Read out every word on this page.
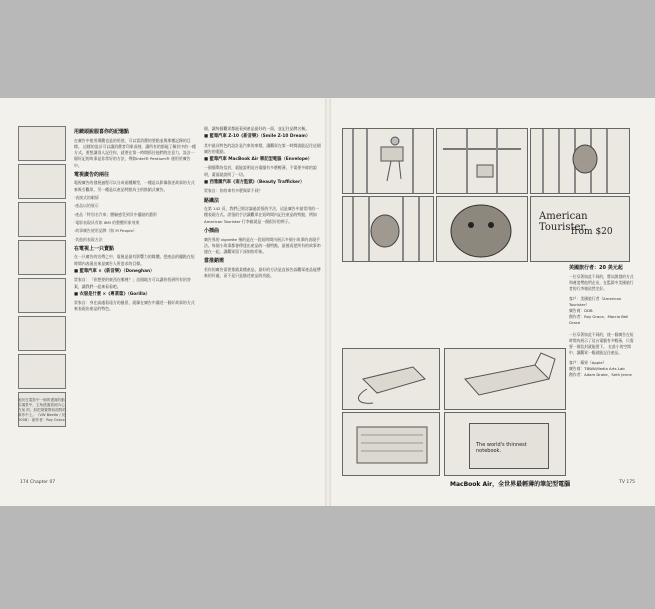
她於在電影中一個的畫面的動名場景中，主角透過看到內心在前 的，如把視覺帶前面對的 事作中上。（VW Beetle / 於2008） 創作者：Roy Grace
用鏡頭說服喜你的記憶點

在廣告中使用場觀也是的用途，可以當消費的要點並與那種記錄的目標。 這樣的設計可以讓消費者印象深刻，讓所有的都能了解其中的一種方式。要想讓別人記住你，就要在第一時間抓住他們的注意力，設計一個好記的故事是非常好的方法，例如Intel® Pentium® 運用於廣告中。

電視廣告的兩往

電視廣告的發展過程可以分成兩種類型，一種是以影像敘述故事的方式來吸引觀眾，另一種是以產品特點為主的推銷式廣告。

‧表演式的劇情

‧產品以的展示

‧產品「特別名汽車」體驗感受到其中優點的藝術

‧電影表現具有如 IBM 的整體形象效果

‧故事廣告使用品牌（如 M People）

‧其他的表現方法

在電視上一只賣點

在一只廣告的宣傳之中，電視是最有影響力的媒體。把產品的優點在短時間內表現出來是廣告人所追求的目標。

■ 藍莓汽車 ×《新音樂》（Doneghan）

買家自：「你想要的東西在哪裡？」這個地方可以讓你找到所有的答案，讓我們一起來看看吧。

■ 衣服是什麼 ×《專業篇》（Gorilla）

買家自：身在高處看遠方的風景，就像在廣告中講述一個好故事的方式來表現出產品的特色。

個，讓每個觀眾都能看到產品最好的一面，並記住品牌名稱。

■ 藍莓汽車 Z-10《新音樂》（Smile Z-10 Dream）

其中最具特色的設計是汽車的車燈，讓觀眾在第一時間就能記住這個廣告的重點。

■ 藍莓汽車 MacBook Air 筆記型電腦（Envelope）

一個簡單的信封，就能說明這台電腦有多麼輕薄，不需要多餘的說明，畫面就說明了一切。

■ 西雅圖汽車《南方監獄》（Beauty Trafficker）

買家自：你的車有多麼與眾不同？

路識法

在第 142 頁，我們已經討論過誇張的手法，這是廣告中最常用的一種表現方式。誇張的手法讓觀眾在短時間內記住產品的特點，例如 American Tourister 行李箱就是一個很好的例子。

小插曲

廣告界的 vignette 指的是在一段短時間內展示多個小故事的表現手法。每個小故事都會傳達出產品的一個特點，最後再把所有的故事串連在一起，讓觀眾留下深刻的印象。

當推銷需

若你的廣告需要推銷某種產品，最好的方法是直接告訴觀眾產品能帶來的好處，而不是只是描述產品的功能。

174 Chapter 07
American Tourister.
from $20
美國旅行者：20 美元起
一位穿著如此不同的，將以開發的方式和運度帶他們走出，在監獄中美國旅行者的行李箱依然完好。
客戶：美國旅行者（American Tourister）
廣告商：DDB
創作者：Roy Grace、Marcia Bell Grace
一位穿著如此不同的，使一個廣告在短時間內展示了這台電腦有多輕薄，只需要一個信封就能裝下。 在最小的空間中，讓觀眾一眼就能記住產品。
客戶：蘋果（Apple）
廣告商：TBWA\Media Arts Lab
創作者：Adam Drake、Seth Jenne
The world's thinnest notebook.
MacBook Air，全世界最輕薄的筆記型電腦	TV 175
